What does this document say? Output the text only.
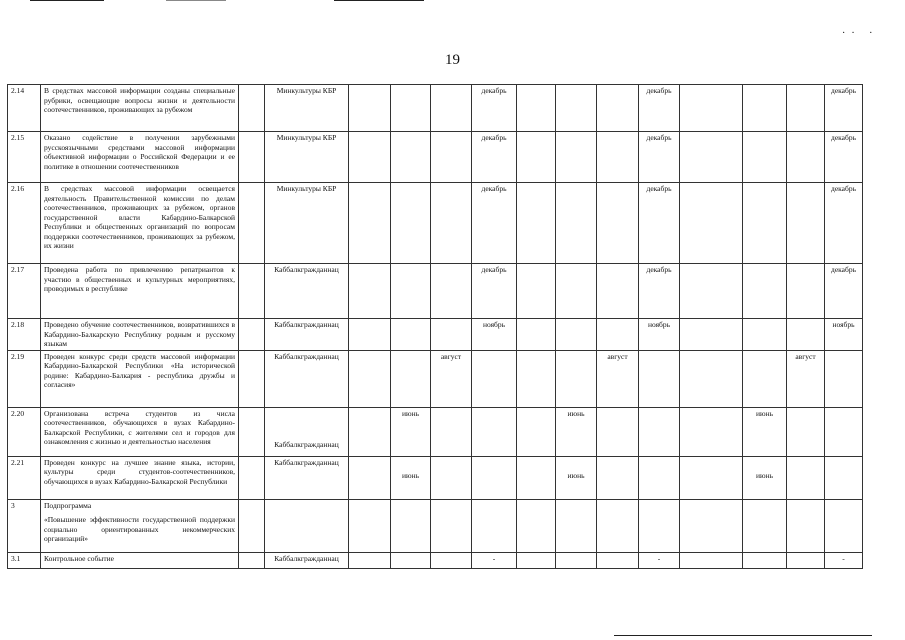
·· ·
19
2.14	В средствах массовой информации созданы специальные рубрики, освещающие вопросы жизни и деятельности соотечественников, проживающих за рубежом		Минкультуры КБР				декабрь				декабрь				декабрь
2.15	Оказано содействие в получении зарубежными русскоязычными средствами массовой информации объективной информации о Российской Федерации и ее политике в отношении соотечественников		Минкультуры КБР				декабрь				декабрь				декабрь
2.16	В средствах массовой информации освещается деятельность Правительственной комиссии по делам соотечественников, проживающих за рубежом, органов государственной власти Кабардино-Балкарской Республики и общественных организаций по вопросам поддержки соотечественников, проживающих за рубежом, их жизни		Минкультуры КБР				декабрь				декабрь				декабрь
2.17	Проведена работа по привлечению репатриантов к участию в общественных и культурных мероприятиях, проводимых в республике		Каббалкгражданнац				декабрь				декабрь				декабрь
2.18	Проведено обучение соотечественников, возвратившихся в Кабардино-Балкарскую Республику родным и русскому языкам		Каббалкгражданнац				ноябрь				ноябрь				ноябрь
2.19	Проведен конкурс среди средств массовой информации Кабардино-Балкарской Республики «На исторической родине: Кабардино-Балкария - республика дружбы и согласия»		Каббалкгражданнац			август				август				август	
2.20	Организована встреча студентов из числа соотечественников, обучающихся в вузах Кабардино-Балкарской Республики, с жителями сел и городов для ознакомления с жизнью и деятельностью населения		Каббалкгражданнац		июнь				июнь				июнь		
2.21	Проведен конкурс на лучшее знание языка, истории, культуры среди студентов-соотечественников, обучающихся в вузах Кабардино-Балкарской Республики		Каббалкгражданнац		июнь				июнь				июнь		
3	Подпрограмма
«Повышение эффективности государственной поддержки социально ориентированных некоммерческих организаций»														
3.1	Контрольное событие		Каббалкгражданнац				-				-				-
